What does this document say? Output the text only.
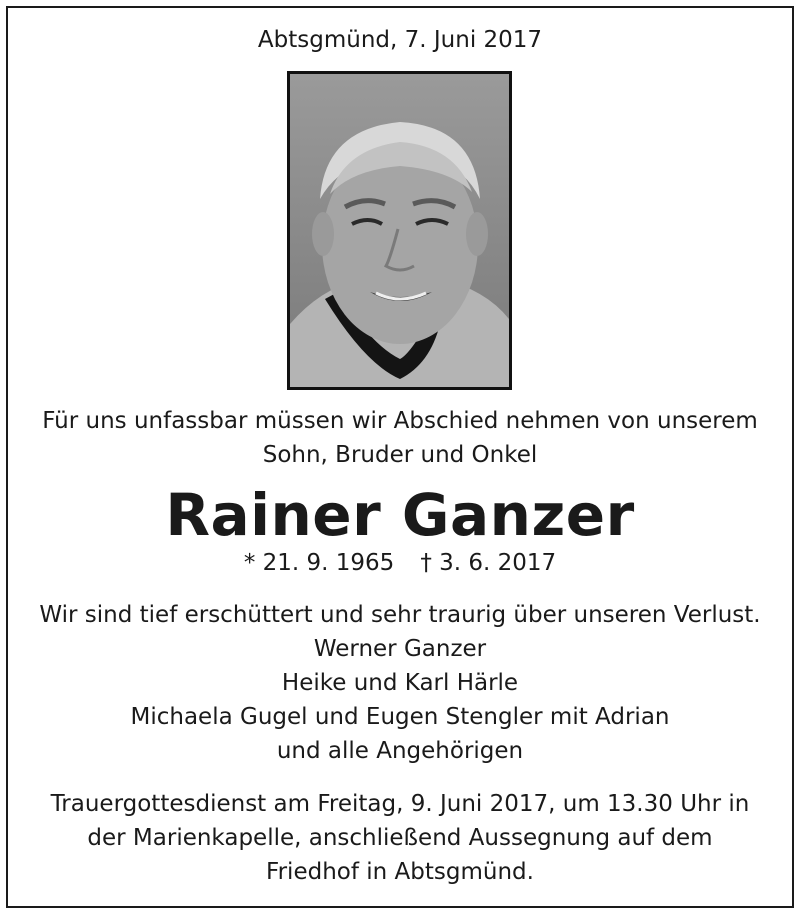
Abtsgmünd, 7. Juni 2017
Für uns unfassbar müssen wir Abschied nehmen von unserem
Sohn, Bruder und Onkel
Rainer Ganzer
* 21. 9. 1965 † 3. 6. 2017
Wir sind tief erschüttert und sehr traurig über unseren Verlust.
Werner Ganzer
Heike und Karl Härle
Michaela Gugel und Eugen Stengler mit Adrian
und alle Angehörigen
Trauergottesdienst am Freitag, 9. Juni 2017, um 13.30 Uhr in
der Marienkapelle, anschließend Aussegnung auf dem
Friedhof in Abtsgmünd.
